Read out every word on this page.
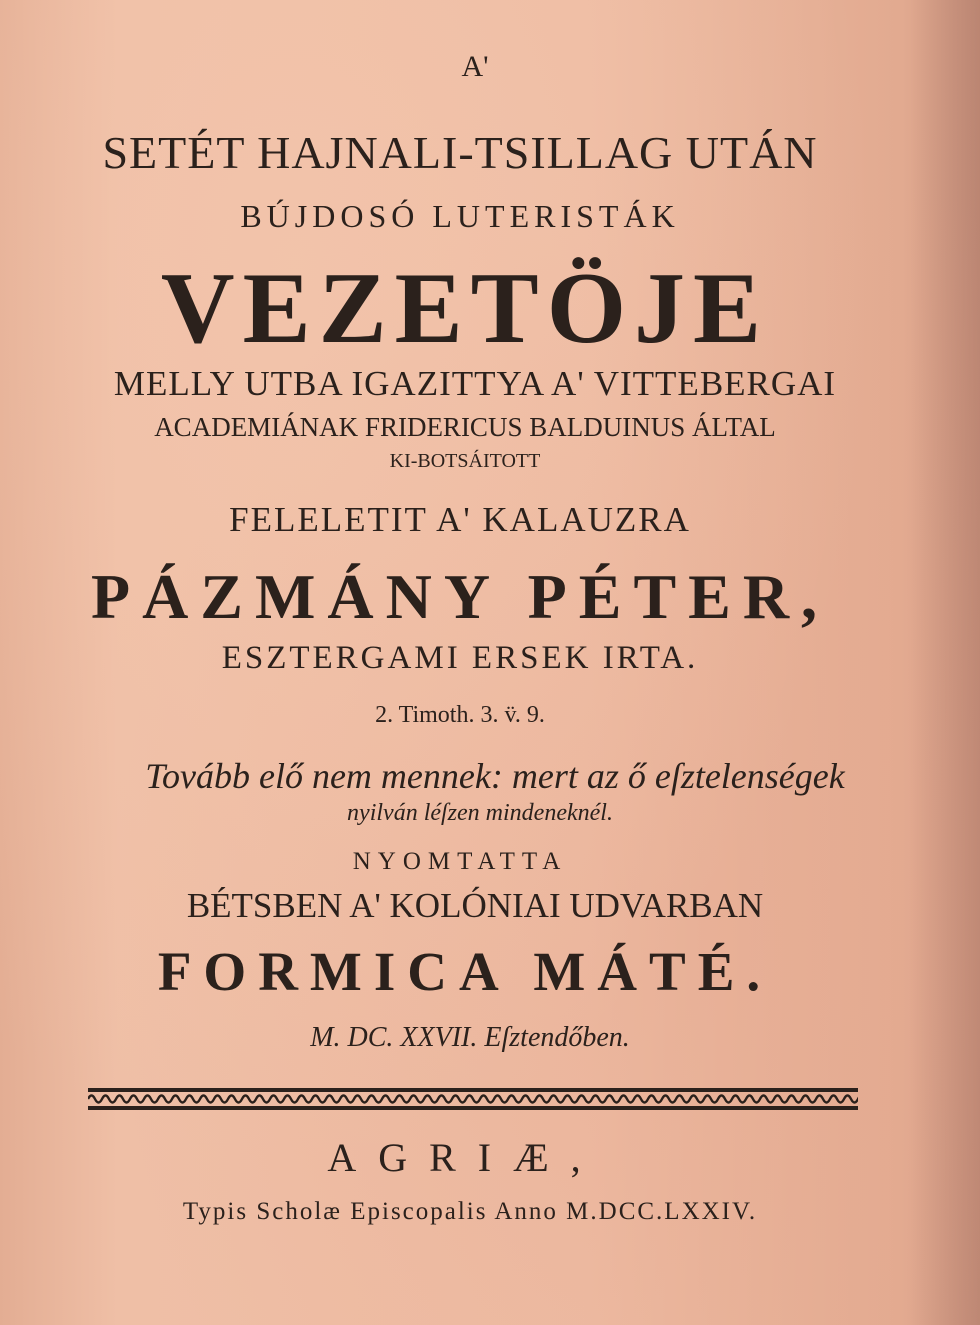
A'
SETÉT HAJNALI-TSILLAG UTÁN
BÚJDOSÓ LUTERISTÁK
VEZETÖJE
MELLY UTBA IGAZITTYA A' VITTEBERGAI
ACADEMIÁNAK FRIDERICUS BALDUINUS ÁLTAL
KI-BOTSÁITOTT
FELELETIT A' KALAUZRA
PÁZMÁNY PÉTER,
ESZTERGAMI ERSEK IRTA.
2. Timoth. 3. v̈. 9.
Tovább elő nem mennek: mert az ő eſztelenségek
nyilván léſzen mindeneknél.
NYOMTATTA
BÉTSBEN A' KOLÓNIAI UDVARBAN
FORMICA MÁTÉ.
M. DC. XXVII. Eſztendőben.
AGRIÆ,
Typis Scholæ Episcopalis Anno M.DCC.LXXIV.
